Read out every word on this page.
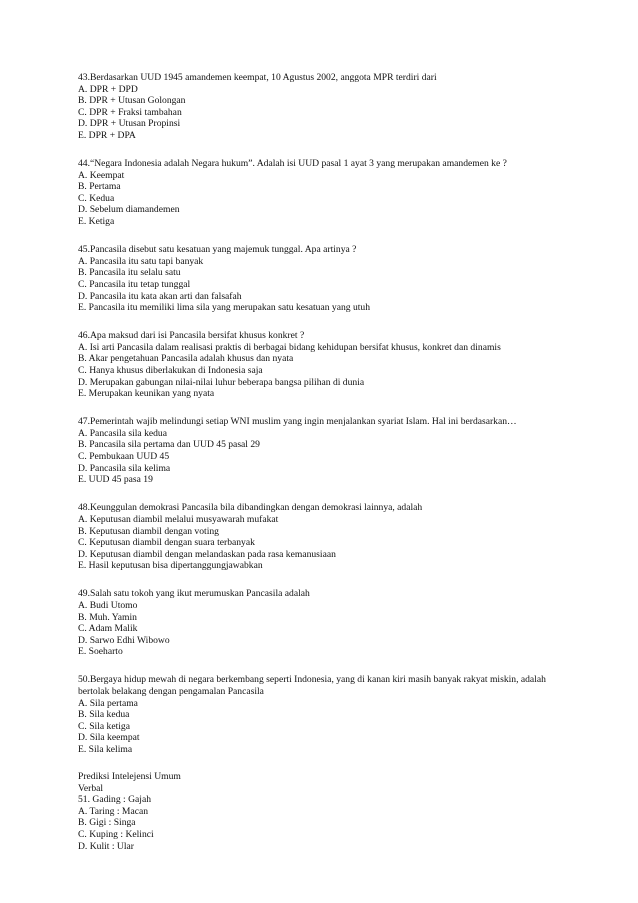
43.Berdasarkan UUD 1945 amandemen keempat, 10 Agustus 2002, anggota MPR terdiri dari
A. DPR + DPD
B. DPR + Utusan Golongan
C. DPR + Fraksi tambahan
D. DPR + Utusan Propinsi
E. DPR + DPA
44.“Negara Indonesia adalah Negara hukum”. Adalah isi UUD pasal 1 ayat 3 yang merupakan amandemen ke ?
A. Keempat
B. Pertama
C. Kedua
D. Sebelum diamandemen
E. Ketiga
45.Pancasila disebut satu kesatuan yang majemuk tunggal. Apa artinya ?
A. Pancasila itu satu tapi banyak
B. Pancasila itu selalu satu
C. Pancasila itu tetap tunggal
D. Pancasila itu kata akan arti dan falsafah
E. Pancasila itu memiliki lima sila yang merupakan satu kesatuan yang utuh
46.Apa maksud dari isi Pancasila bersifat khusus konkret ?
A. Isi arti Pancasila dalam realisasi praktis di berbagai bidang kehidupan bersifat khusus, konkret dan dinamis
B. Akar pengetahuan Pancasila adalah khusus dan nyata
C. Hanya khusus diberlakukan di Indonesia saja
D. Merupakan gabungan nilai-nilai luhur beberapa bangsa pilihan di dunia
E. Merupakan keunikan yang nyata
47.Pemerintah wajib melindungi setiap WNI muslim yang ingin menjalankan syariat Islam. Hal ini berdasarkan…
A. Pancasila sila kedua
B. Pancasila sila pertama dan UUD 45 pasal 29
C. Pembukaan UUD 45
D. Pancasila sila kelima
E. UUD 45 pasa 19
48.Keunggulan demokrasi Pancasila bila dibandingkan dengan demokrasi lainnya, adalah
A. Keputusan diambil melalui musyawarah mufakat
B. Keputusan diambil dengan voting
C. Keputusan diambil dengan suara terbanyak
D. Keputusan diambil dengan melandaskan pada rasa kemanusiaan
E. Hasil keputusan bisa dipertanggungjawabkan
49.Salah satu tokoh yang ikut merumuskan Pancasila adalah
A. Budi Utomo
B. Muh. Yamin
C. Adam Malik
D. Sarwo Edhi Wibowo
E. Soeharto
50.Bergaya hidup mewah di negara berkembang seperti Indonesia, yang di kanan kiri masih banyak rakyat miskin, adalah bertolak belakang dengan pengamalan Pancasila
A. Sila pertama
B. Sila kedua
C. Sila ketiga
D. Sila keempat
E. Sila kelima
Prediksi Intelejensi Umum
Verbal
51. Gading : Gajah
A. Taring : Macan
B. Gigi : Singa
C. Kuping : Kelinci
D. Kulit : Ular
